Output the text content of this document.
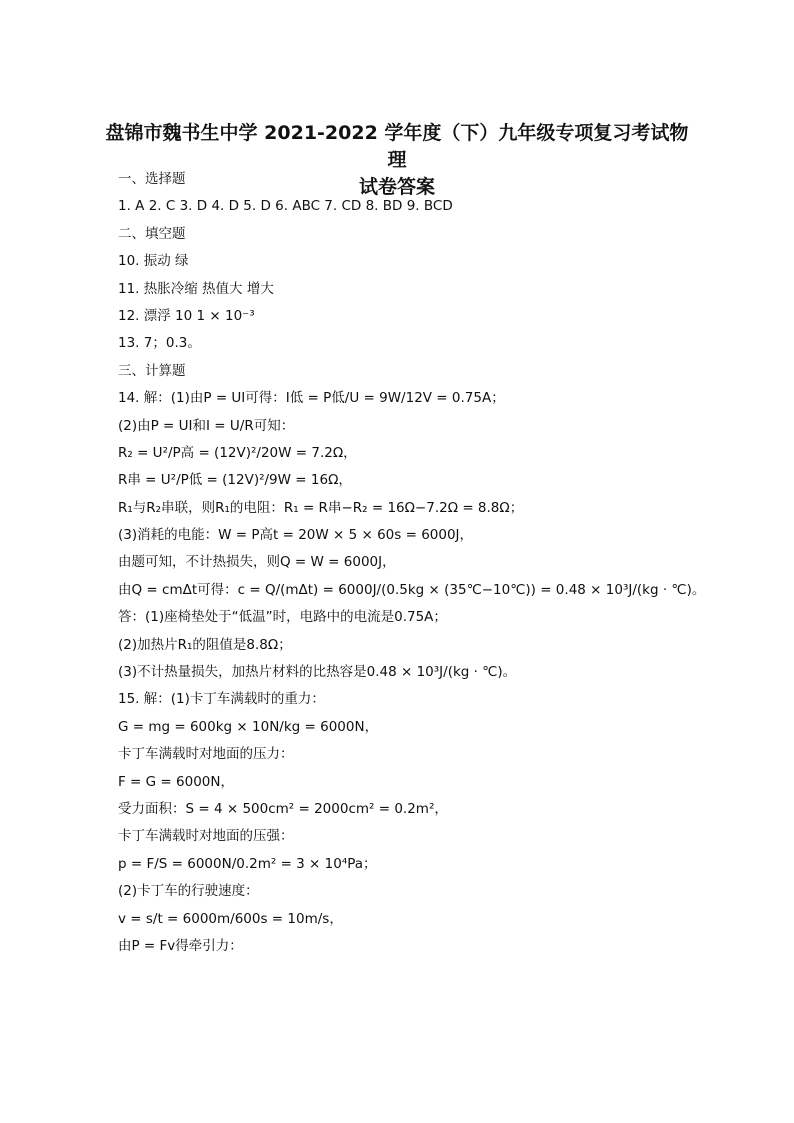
盘锦市魏书生中学 2021-2022 学年度（下）九年级专项复习考试物理
试卷答案
一、选择题
1. A 2. C 3. D 4. D 5. D 6. ABC 7. CD 8. BD 9. BCD
二、填空题
10. 振动 绿
11. 热胀冷缩 热值大 增大
12. 漂浮 10 1 × 10⁻³
13. 7；0.3。
三、计算题
14. 解：(1)由P = UI可得：I低 = P低/U = 9W/12V = 0.75A；
(2)由P = UI和I = U/R可知：
R₂ = U²/P高 = (12V)²/20W = 7.2Ω，
R串 = U²/P低 = (12V)²/9W = 16Ω，
R₁与R₂串联，则R₁的电阻：R₁ = R串−R₂ = 16Ω−7.2Ω = 8.8Ω；
(3)消耗的电能：W = P高t = 20W × 5 × 60s = 6000J，
由题可知，不计热损失，则Q = W = 6000J，
由Q = cmΔt可得：c = Q/(mΔt) = 6000J/(0.5kg × (35℃−10℃)) = 0.48 × 10³J/(kg · ℃)。
答：(1)座椅垫处于“低温”时，电路中的电流是0.75A；
(2)加热片R₁的阻值是8.8Ω；
(3)不计热量损失，加热片材料的比热容是0.48 × 10³J/(kg · ℃)。
15. 解：(1)卡丁车满载时的重力：
G = mg = 600kg × 10N/kg = 6000N，
卡丁车满载时对地面的压力：
F = G = 6000N，
受力面积：S = 4 × 500cm² = 2000cm² = 0.2m²，
卡丁车满载时对地面的压强：
p = F/S = 6000N/0.2m² = 3 × 10⁴Pa；
(2)卡丁车的行驶速度：
v = s/t = 6000m/600s = 10m/s，
由P = Fv得牵引力：
